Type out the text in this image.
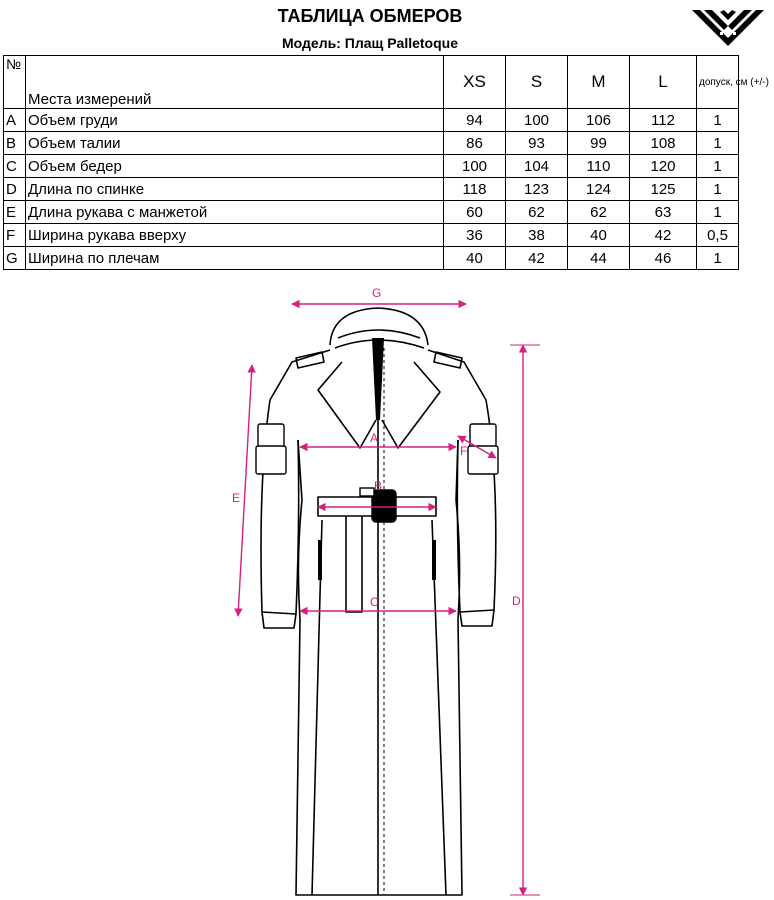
ТАБЛИЦА ОБМЕРОВ
Модель: Плащ Palletoque
№	Места измерений	XS	S	M	L	допуск, см (+/-)
A	Объем груди	94	100	106	112	1
B	Объем талии	86	93	99	108	1
C	Объем бедер	100	104	110	120	1
D	Длина по спинке	118	123	124	125	1
E	Длина рукава с манжетой	60	62	62	63	1
F	Ширина рукава вверху	36	38	40	42	0,5
G	Ширина по плечам	40	42	44	46	1
G
A
F
B
C	D
E
